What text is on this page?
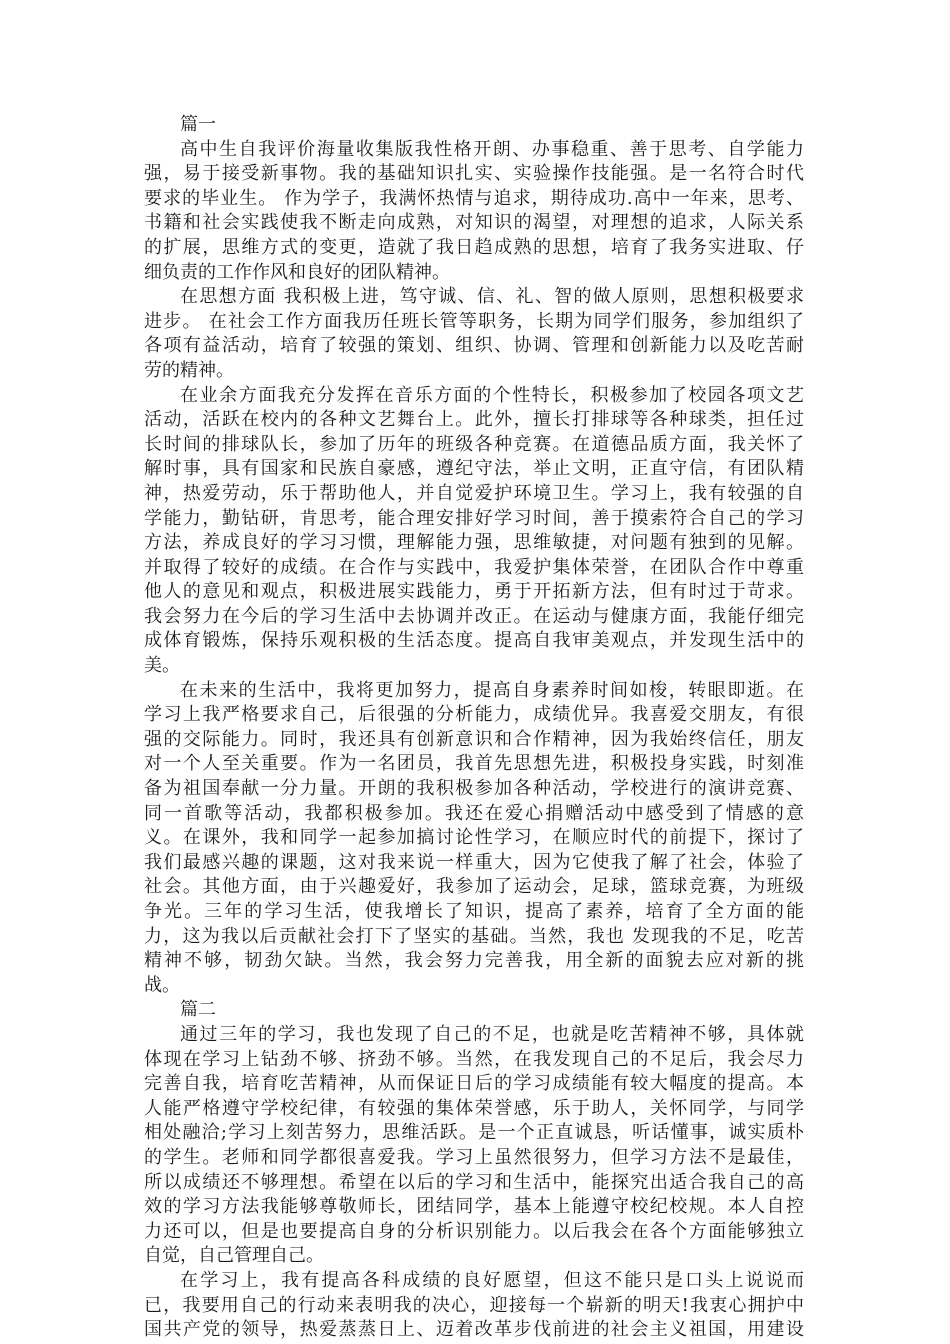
篇一
高中生自我评价海量收集版我性格开朗、办事稳重、善于思考、自学能力
强，易于接受新事物。我的基础知识扎实、实验操作技能强。是一名符合时代
要求的毕业生。 作为学子，我满怀热情与追求，期待成功.高中一年来，思考、
书籍和社会实践使我不断走向成熟，对知识的渴望，对理想的追求，人际关系
的扩展，思维方式的变更，造就了我日趋成熟的思想，培育了我务实进取、仔
细负责的工作作风和良好的团队精神。
在思想方面 我积极上进，笃守诚、信、礼、智的做人原则，思想积极要求
进步。 在社会工作方面我历任班长管等职务，长期为同学们服务，参加组织了
各项有益活动，培育了较强的策划、组织、协调、管理和创新能力以及吃苦耐
劳的精神。
在业余方面我充分发挥在音乐方面的个性特长，积极参加了校园各项文艺
活动，活跃在校内的各种文艺舞台上。此外，擅长打排球等各种球类，担任过
长时间的排球队长，参加了历年的班级各种竞赛。在道德品质方面，我关怀了
解时事，具有国家和民族自豪感，遵纪守法，举止文明，正直守信，有团队精
神，热爱劳动，乐于帮助他人，并自觉爱护环境卫生。学习上，我有较强的自
学能力，勤钻研，肯思考，能合理安排好学习时间，善于摸索符合自己的学习
方法，养成良好的学习习惯，理解能力强，思维敏捷，对问题有独到的见解。
并取得了较好的成绩。在合作与实践中，我爱护集体荣誉，在团队合作中尊重
他人的意见和观点，积极进展实践能力，勇于开拓新方法，但有时过于苛求。
我会努力在今后的学习生活中去协调并改正。在运动与健康方面，我能仔细完
成体育锻炼，保持乐观积极的生活态度。提高自我审美观点，并发现生活中的
美。
在未来的生活中，我将更加努力，提高自身素养时间如梭，转眼即逝。在
学习上我严格要求自己，后很强的分析能力，成绩优异。我喜爱交朋友，有很
强的交际能力。同时，我还具有创新意识和合作精神，因为我始终信任，朋友
对一个人至关重要。作为一名团员，我首先思想先进，积极投身实践，时刻准
备为祖国奉献一分力量。开朗的我积极参加各种活动，学校进行的演讲竞赛、
同一首歌等活动，我都积极参加。我还在爱心捐赠活动中感受到了情感的意
义。在课外，我和同学一起参加搞讨论性学习，在顺应时代的前提下，探讨了
我们最感兴趣的课题，这对我来说一样重大，因为它使我了解了社会，体验了
社会。其他方面，由于兴趣爱好，我参加了运动会，足球，篮球竞赛，为班级
争光。三年的学习生活，使我增长了知识，提高了素养，培育了全方面的能
力，这为我以后贡献社会打下了坚实的基础。当然，我也 发现我的不足，吃苦
精神不够，韧劲欠缺。当然，我会努力完善我，用全新的面貌去应对新的挑
战。
篇二
通过三年的学习，我也发现了自己的不足，也就是吃苦精神不够，具体就
体现在学习上钻劲不够、挤劲不够。当然，在我发现自己的不足后，我会尽力
完善自我，培育吃苦精神，从而保证日后的学习成绩能有较大幅度的提高。本
人能严格遵守学校纪律，有较强的集体荣誉感，乐于助人，关怀同学，与同学
相处融洽;学习上刻苦努力，思维活跃。是一个正直诚恳，听话懂事，诚实质朴
的学生。老师和同学都很喜爱我。学习上虽然很努力，但学习方法不是最佳，
所以成绩还不够理想。希望在以后的学习和生活中，能探究出适合我自己的高
效的学习方法我能够尊敬师长，团结同学，基本上能遵守校纪校规。本人自控
力还可以，但是也要提高自身的分析识别能力。以后我会在各个方面能够独立
自觉，自己管理自己。
在学习上，我有提高各科成绩的良好愿望，但这不能只是口头上说说而
已，我要用自己的行动来表明我的决心，迎接每一个崭新的明天!我衷心拥护中
国共产党的领导，热爱蒸蒸日上、迈着改革步伐前进的社会主义祖国，用建设
